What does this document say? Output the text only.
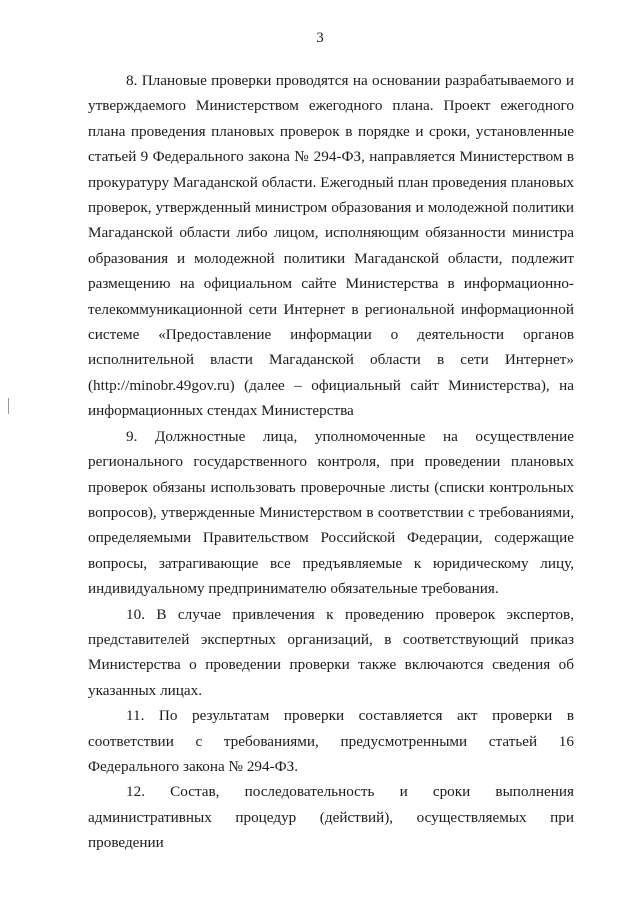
3

8. Плановые проверки проводятся на основании разрабатываемого и утверждаемого Министерством ежегодного плана. Проект ежегодного плана проведения плановых проверок в порядке и сроки, установленные статьей 9 Федерального закона № 294-ФЗ, направляется Министерством в прокуратуру Магаданской области. Ежегодный план проведения плановых проверок, утвержденный министром образования и молодежной политики Магаданской области либо лицом, исполняющим обязанности министра образования и молодежной политики Магаданской области, подлежит размещению на официальном сайте Министерства в информационно-телекоммуникационной сети Интернет в региональной информационной системе «Предоставление информации о деятельности органов исполнительной власти Магаданской области в сети Интернет» (http://minobr.49gov.ru) (далее – официальный сайт Министерства), на информационных стендах Министерства

9. Должностные лица, уполномоченные на осуществление регионального государственного контроля, при проведении плановых проверок обязаны использовать проверочные листы (списки контрольных вопросов), утвержденные Министерством в соответствии с требованиями, определяемыми Правительством Российской Федерации, содержащие вопросы, затрагивающие все предъявляемые к юридическому лицу, индивидуальному предпринимателю обязательные требования.

10. В случае привлечения к проведению проверок экспертов, представителей экспертных организаций, в соответствующий приказ Министерства о проведении проверки также включаются сведения об указанных лицах.

11. По результатам проверки составляется акт проверки в соответствии с требованиями, предусмотренными статьей 16 Федерального закона № 294-ФЗ.

12. Состав, последовательность и сроки выполнения административных процедур (действий), осуществляемых при проведении
